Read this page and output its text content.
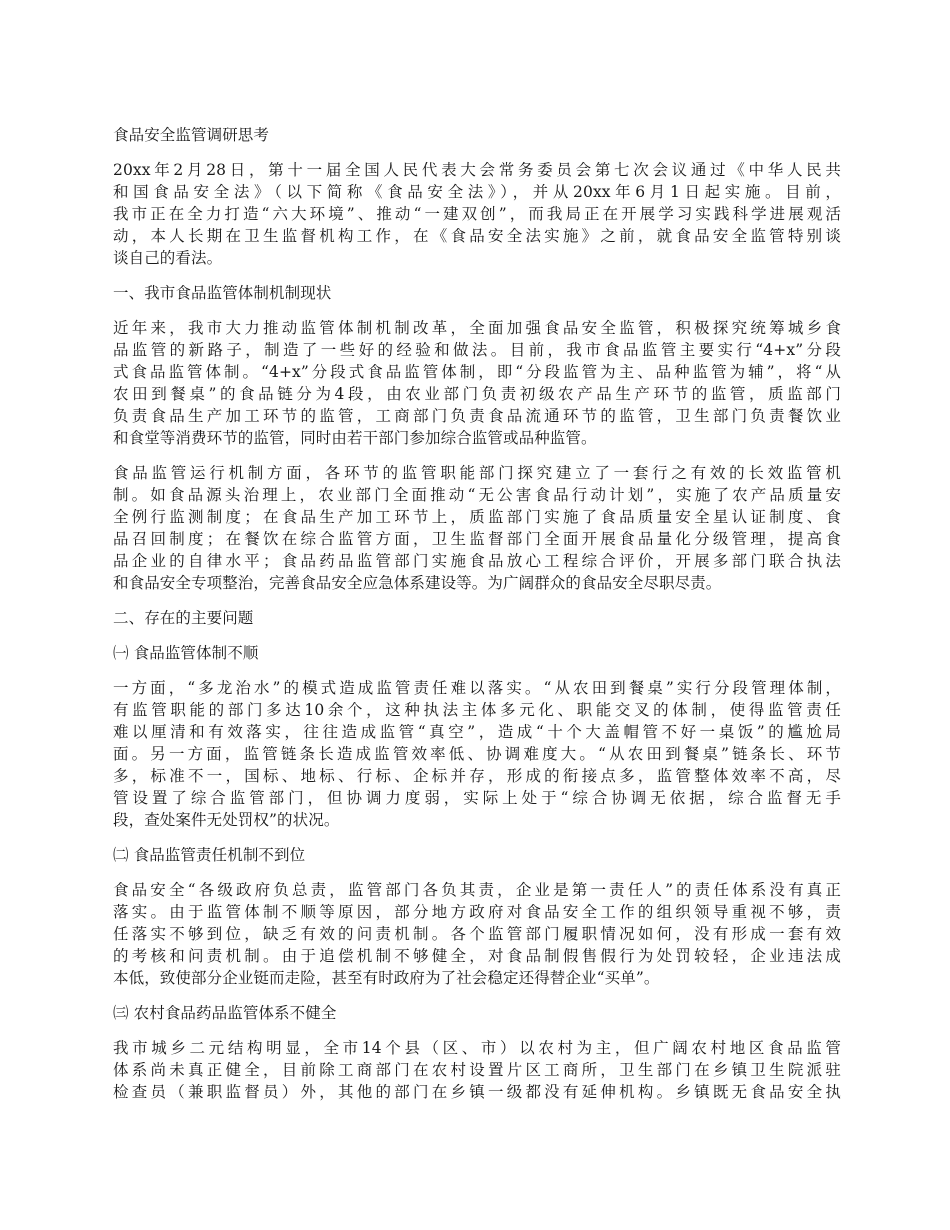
食品安全监管调研思考
20xx年2月28日，第十一届全国人民代表大会常务委员会第七次会议通过《中华人民共
和国食品安全法》（以下简称《食品安全法》），并从20xx年6月1日起实施。目前，
我市正在全力打造“六大环境”、推动“一建双创”，而我局正在开展学习实践科学进展观活
动，本人长期在卫生监督机构工作，在《食品安全法实施》之前，就食品安全监管特别谈
谈自己的看法。
一、我市食品监管体制机制现状
近年来，我市大力推动监管体制机制改革，全面加强食品安全监管，积极探究统筹城乡食
品监管的新路子，制造了一些好的经验和做法。目前，我市食品监管主要实行“4+x”分段
式食品监管体制。“4+x”分段式食品监管体制，即“分段监管为主、品种监管为辅”，将“从
农田到餐桌”的食品链分为4段，由农业部门负责初级农产品生产环节的监管，质监部门
负责食品生产加工环节的监管，工商部门负责食品流通环节的监管，卫生部门负责餐饮业
和食堂等消费环节的监管，同时由若干部门参加综合监管或品种监管。
食品监管运行机制方面，各环节的监管职能部门探究建立了一套行之有效的长效监管机
制。如食品源头治理上，农业部门全面推动“无公害食品行动计划”，实施了农产品质量安
全例行监测制度；在食品生产加工环节上，质监部门实施了食品质量安全星认证制度、食
品召回制度；在餐饮在综合监管方面，卫生监督部门全面开展食品量化分级管理，提高食
品企业的自律水平；食品药品监管部门实施食品放心工程综合评价，开展多部门联合执法
和食品安全专项整治，完善食品安全应急体系建设等。为广阔群众的食品安全尽职尽责。
二、存在的主要问题
㈠ 食品监管体制不顺
一方面，“多龙治水”的模式造成监管责任难以落实。“从农田到餐桌”实行分段管理体制，
有监管职能的部门多达10余个，这种执法主体多元化、职能交叉的体制，使得监管责任
难以厘清和有效落实，往往造成监管“真空”，造成“十个大盖帽管不好一桌饭”的尴尬局
面。另一方面，监管链条长造成监管效率低、协调难度大。“从农田到餐桌”链条长、环节
多，标准不一，国标、地标、行标、企标并存，形成的衔接点多，监管整体效率不高，尽
管设置了综合监管部门，但协调力度弱，实际上处于“综合协调无依据，综合监督无手
段，查处案件无处罚权”的状况。
㈡ 食品监管责任机制不到位
食品安全“各级政府负总责，监管部门各负其责，企业是第一责任人”的责任体系没有真正
落实。由于监管体制不顺等原因，部分地方政府对食品安全工作的组织领导重视不够，责
任落实不够到位，缺乏有效的问责机制。各个监管部门履职情况如何，没有形成一套有效
的考核和问责机制。由于追偿机制不够健全，对食品制假售假行为处罚较轻，企业违法成
本低，致使部分企业铤而走险，甚至有时政府为了社会稳定还得替企业“买单”。
㈢ 农村食品药品监管体系不健全
我市城乡二元结构明显，全市14个县（区、市）以农村为主，但广阔农村地区食品监管
体系尚未真正健全，目前除工商部门在农村设置片区工商所，卫生部门在乡镇卫生院派驻
检查员（兼职监督员）外，其他的部门在乡镇一级都没有延伸机构。乡镇既无食品安全执
